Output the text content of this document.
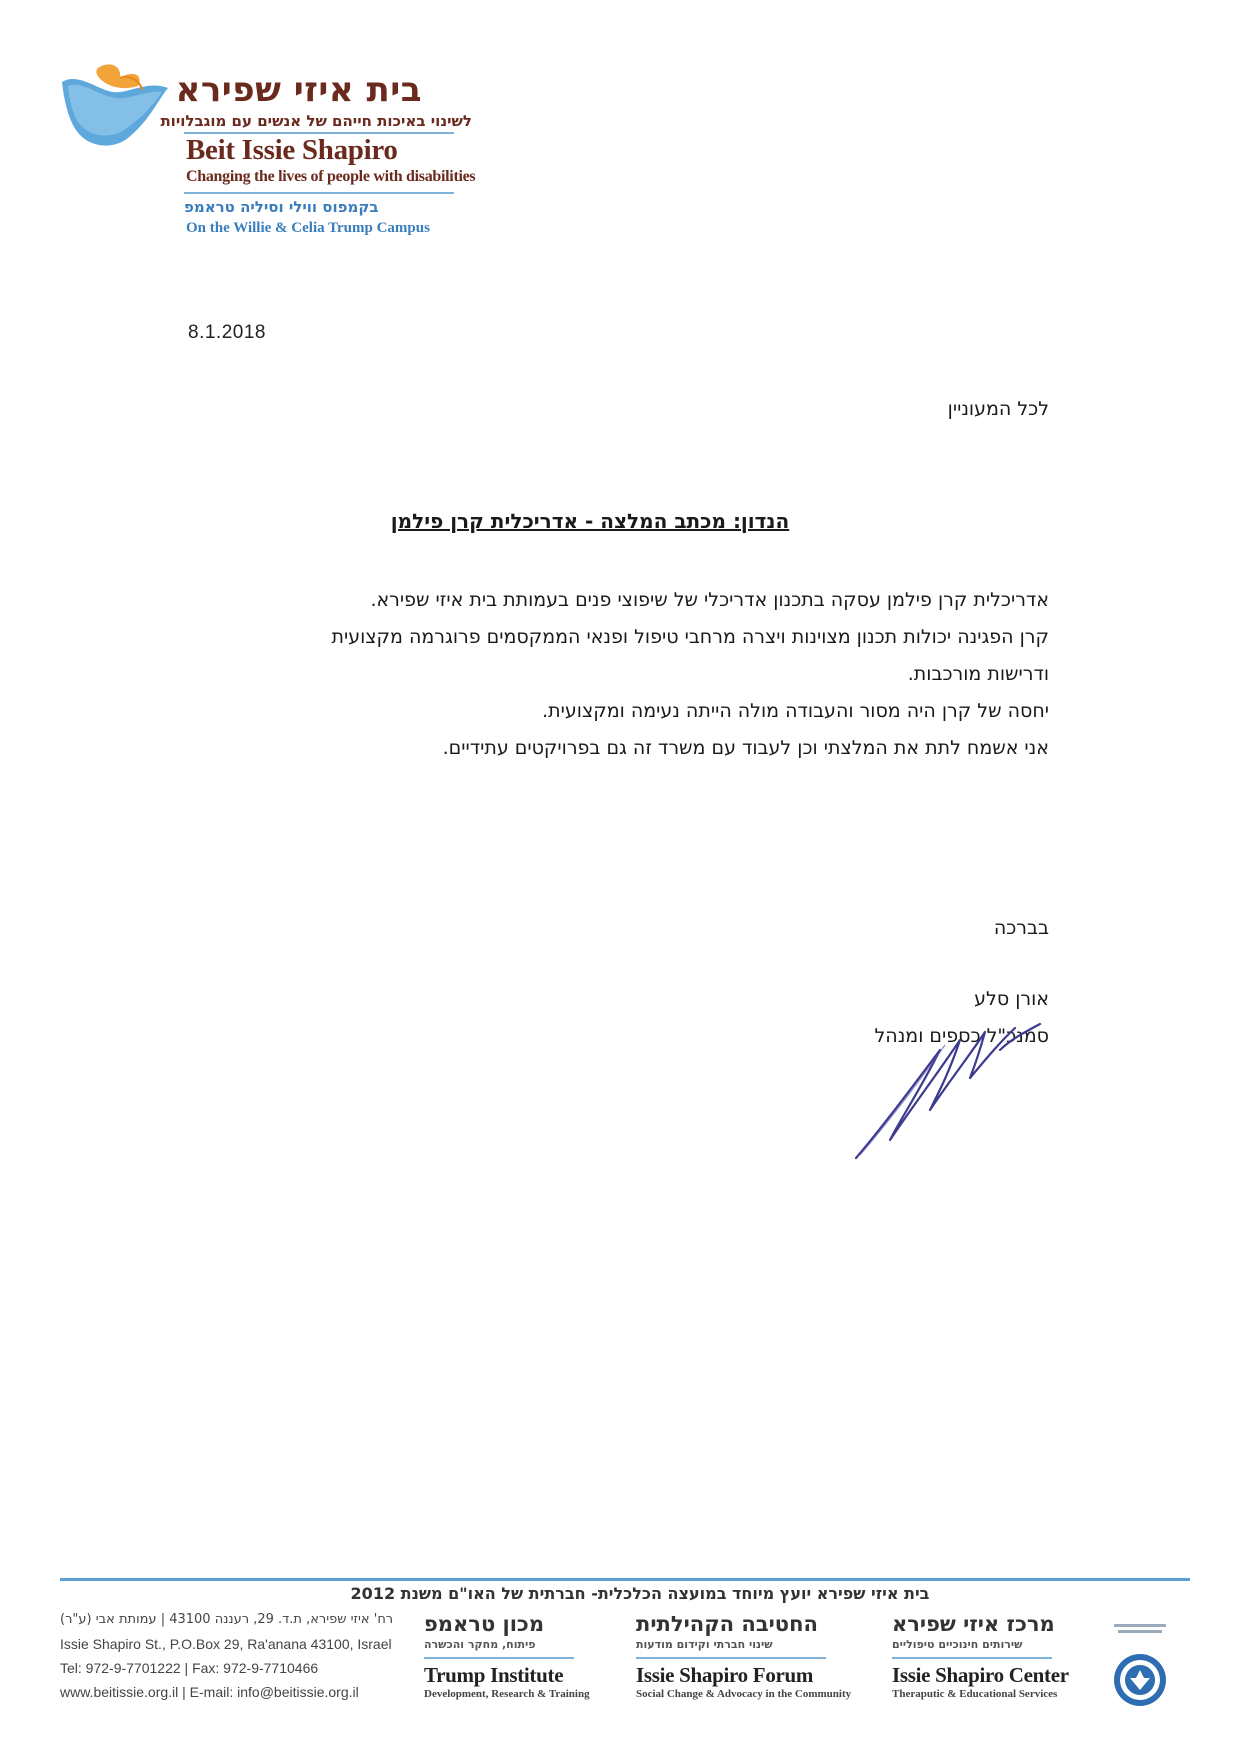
בית איזי שפירא
לשינוי באיכות חייהם של אנשים עם מוגבלויות
Beit Issie Shapiro
Changing the lives of people with disabilities
בקמפוס ווילי וסיליה טראמפ
On the Willie & Celia Trump Campus
8.1.2018
לכל המעוניין
הנדון: מכתב המלצה - אדריכלית קרן פילמן
אדריכלית קרן פילמן עסקה בתכנון אדריכלי של שיפוצי פנים בעמותת בית איזי שפירא.
קרן הפגינה יכולות תכנון מצוינות ויצרה מרחבי טיפול ופנאי הממקסמים פרוגרמה מקצועית
ודרישות מורכבות.
יחסה של קרן היה מסור והעבודה מולה הייתה נעימה ומקצועית.
אני אשמח לתת את המלצתי וכן לעבוד עם משרד זה גם בפרויקטים עתידיים.
בברכה
אורן סלע
סמנכ"ל כספים ומנהל
בית איזי שפירא יועץ מיוחד במועצה הכלכלית- חברתית של האו"ם משנת 2012
רח' איזי שפירא, ת.ד. 29, רעננה 43100 | עמותת אבי (ע"ר)
Issie Shapiro St., P.O.Box 29, Ra'anana 43100, Israel
Tel: 972-9-7701222 | Fax: 972-9-7710466
www.beitissie.org.il | E-mail: info@beitissie.org.il
מכון טראמפ
פיתוח, מחקר והכשרה
Trump Institute
Development, Research & Training
החטיבה הקהילתית
שינוי חברתי וקידום מודעות
Issie Shapiro Forum
Social Change & Advocacy in the Community
מרכז איזי שפירא
שירותים חינוכיים טיפוליים
Issie Shapiro Center
Theraputic & Educational Services
